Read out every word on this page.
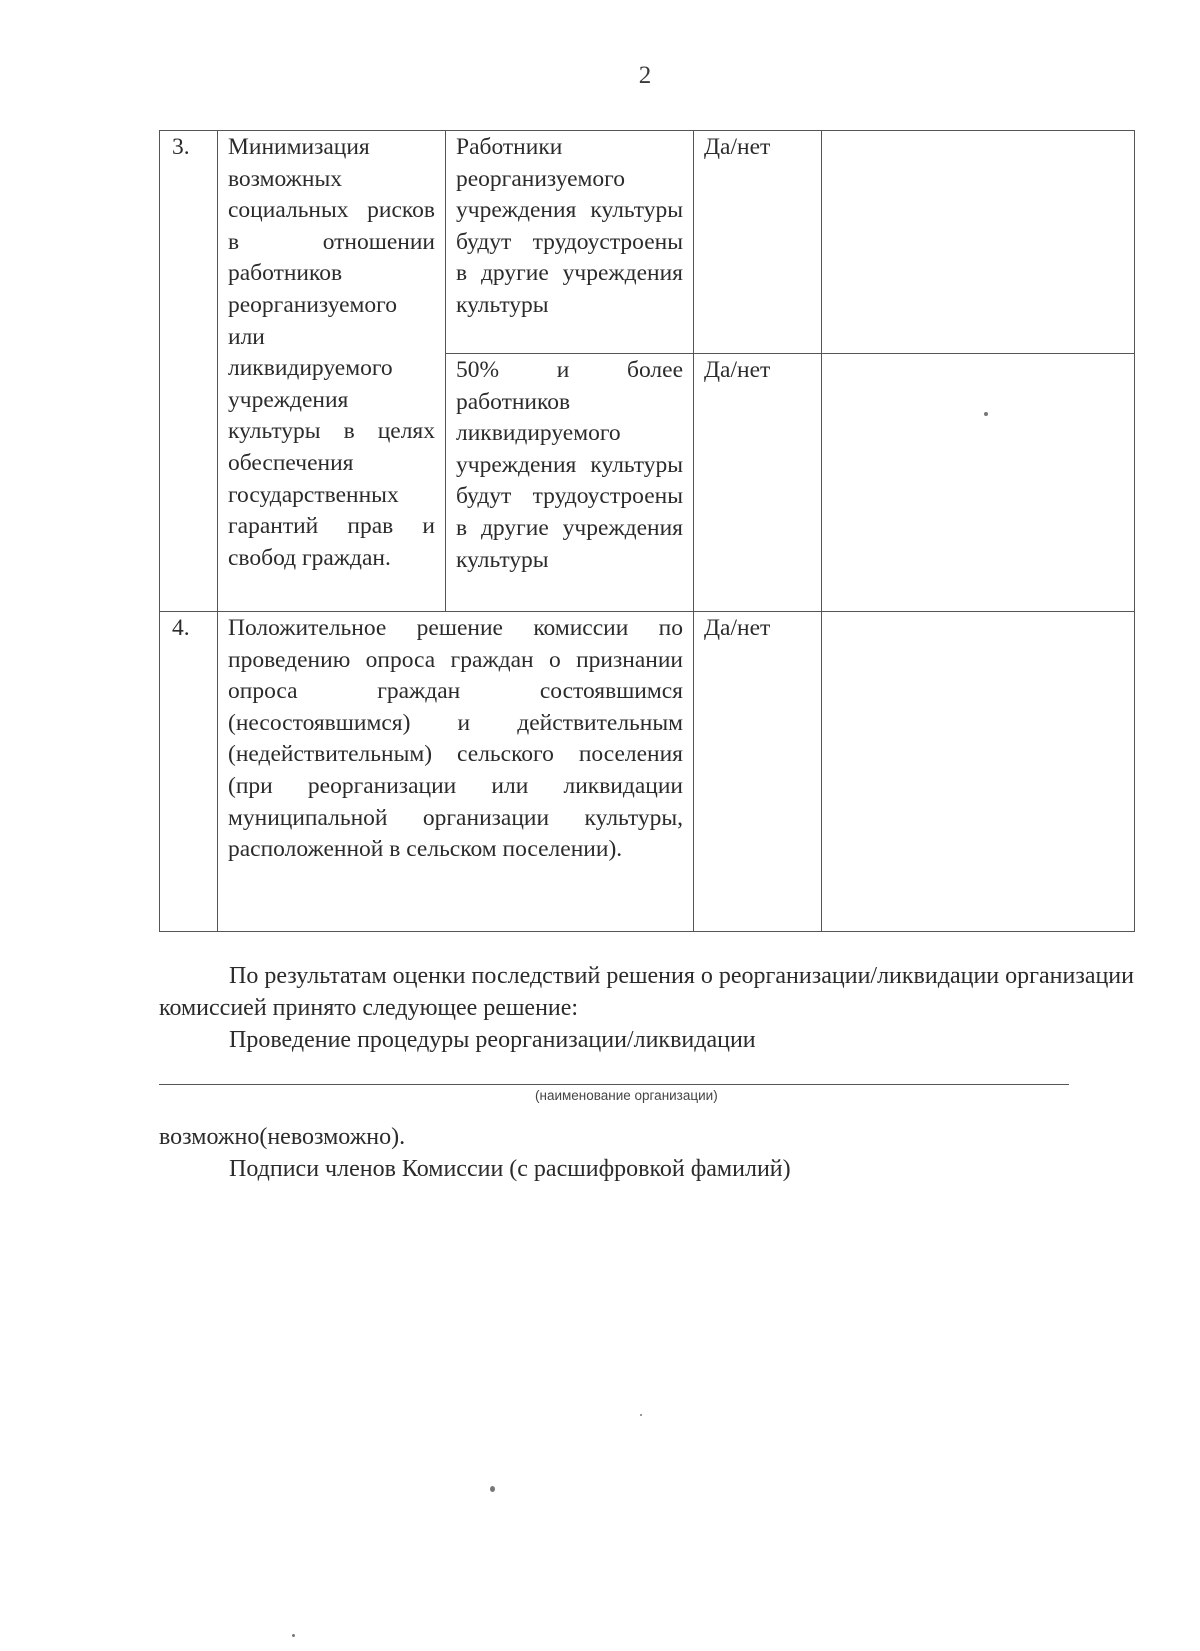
2
3.	Минимизация возможных социальных рисков в отношении работников реорганизуемого или ликвидируемого учреждения культуры в целях обеспечения государственных гарантий прав и свобод граждан.	Работники реорганизуемого учреждения культуры будут трудоустроены в другие учреждения культуры	Да/нет	
		50% и более работников ликвидируемого учреждения культуры будут трудоустроены в другие учреждения культуры	Да/нет	
4.	Положительное решение комиссии по проведению опроса граждан о признании опроса граждан состоявшимся (несостоявшимся) и действительным (недействительным) сельского поселения (при реорганизации или ликвидации муниципальной организации культуры, расположенной в сельском поселении).		Да/нет	
По результатам оценки последствий решения о реорганизации/ликвидации организации комиссией принято следующее решение:
Проведение процедуры реорганизации/ликвидации
(наименование организации)
возможно(невозможно).
Подписи членов Комиссии (с расшифровкой фамилий)
